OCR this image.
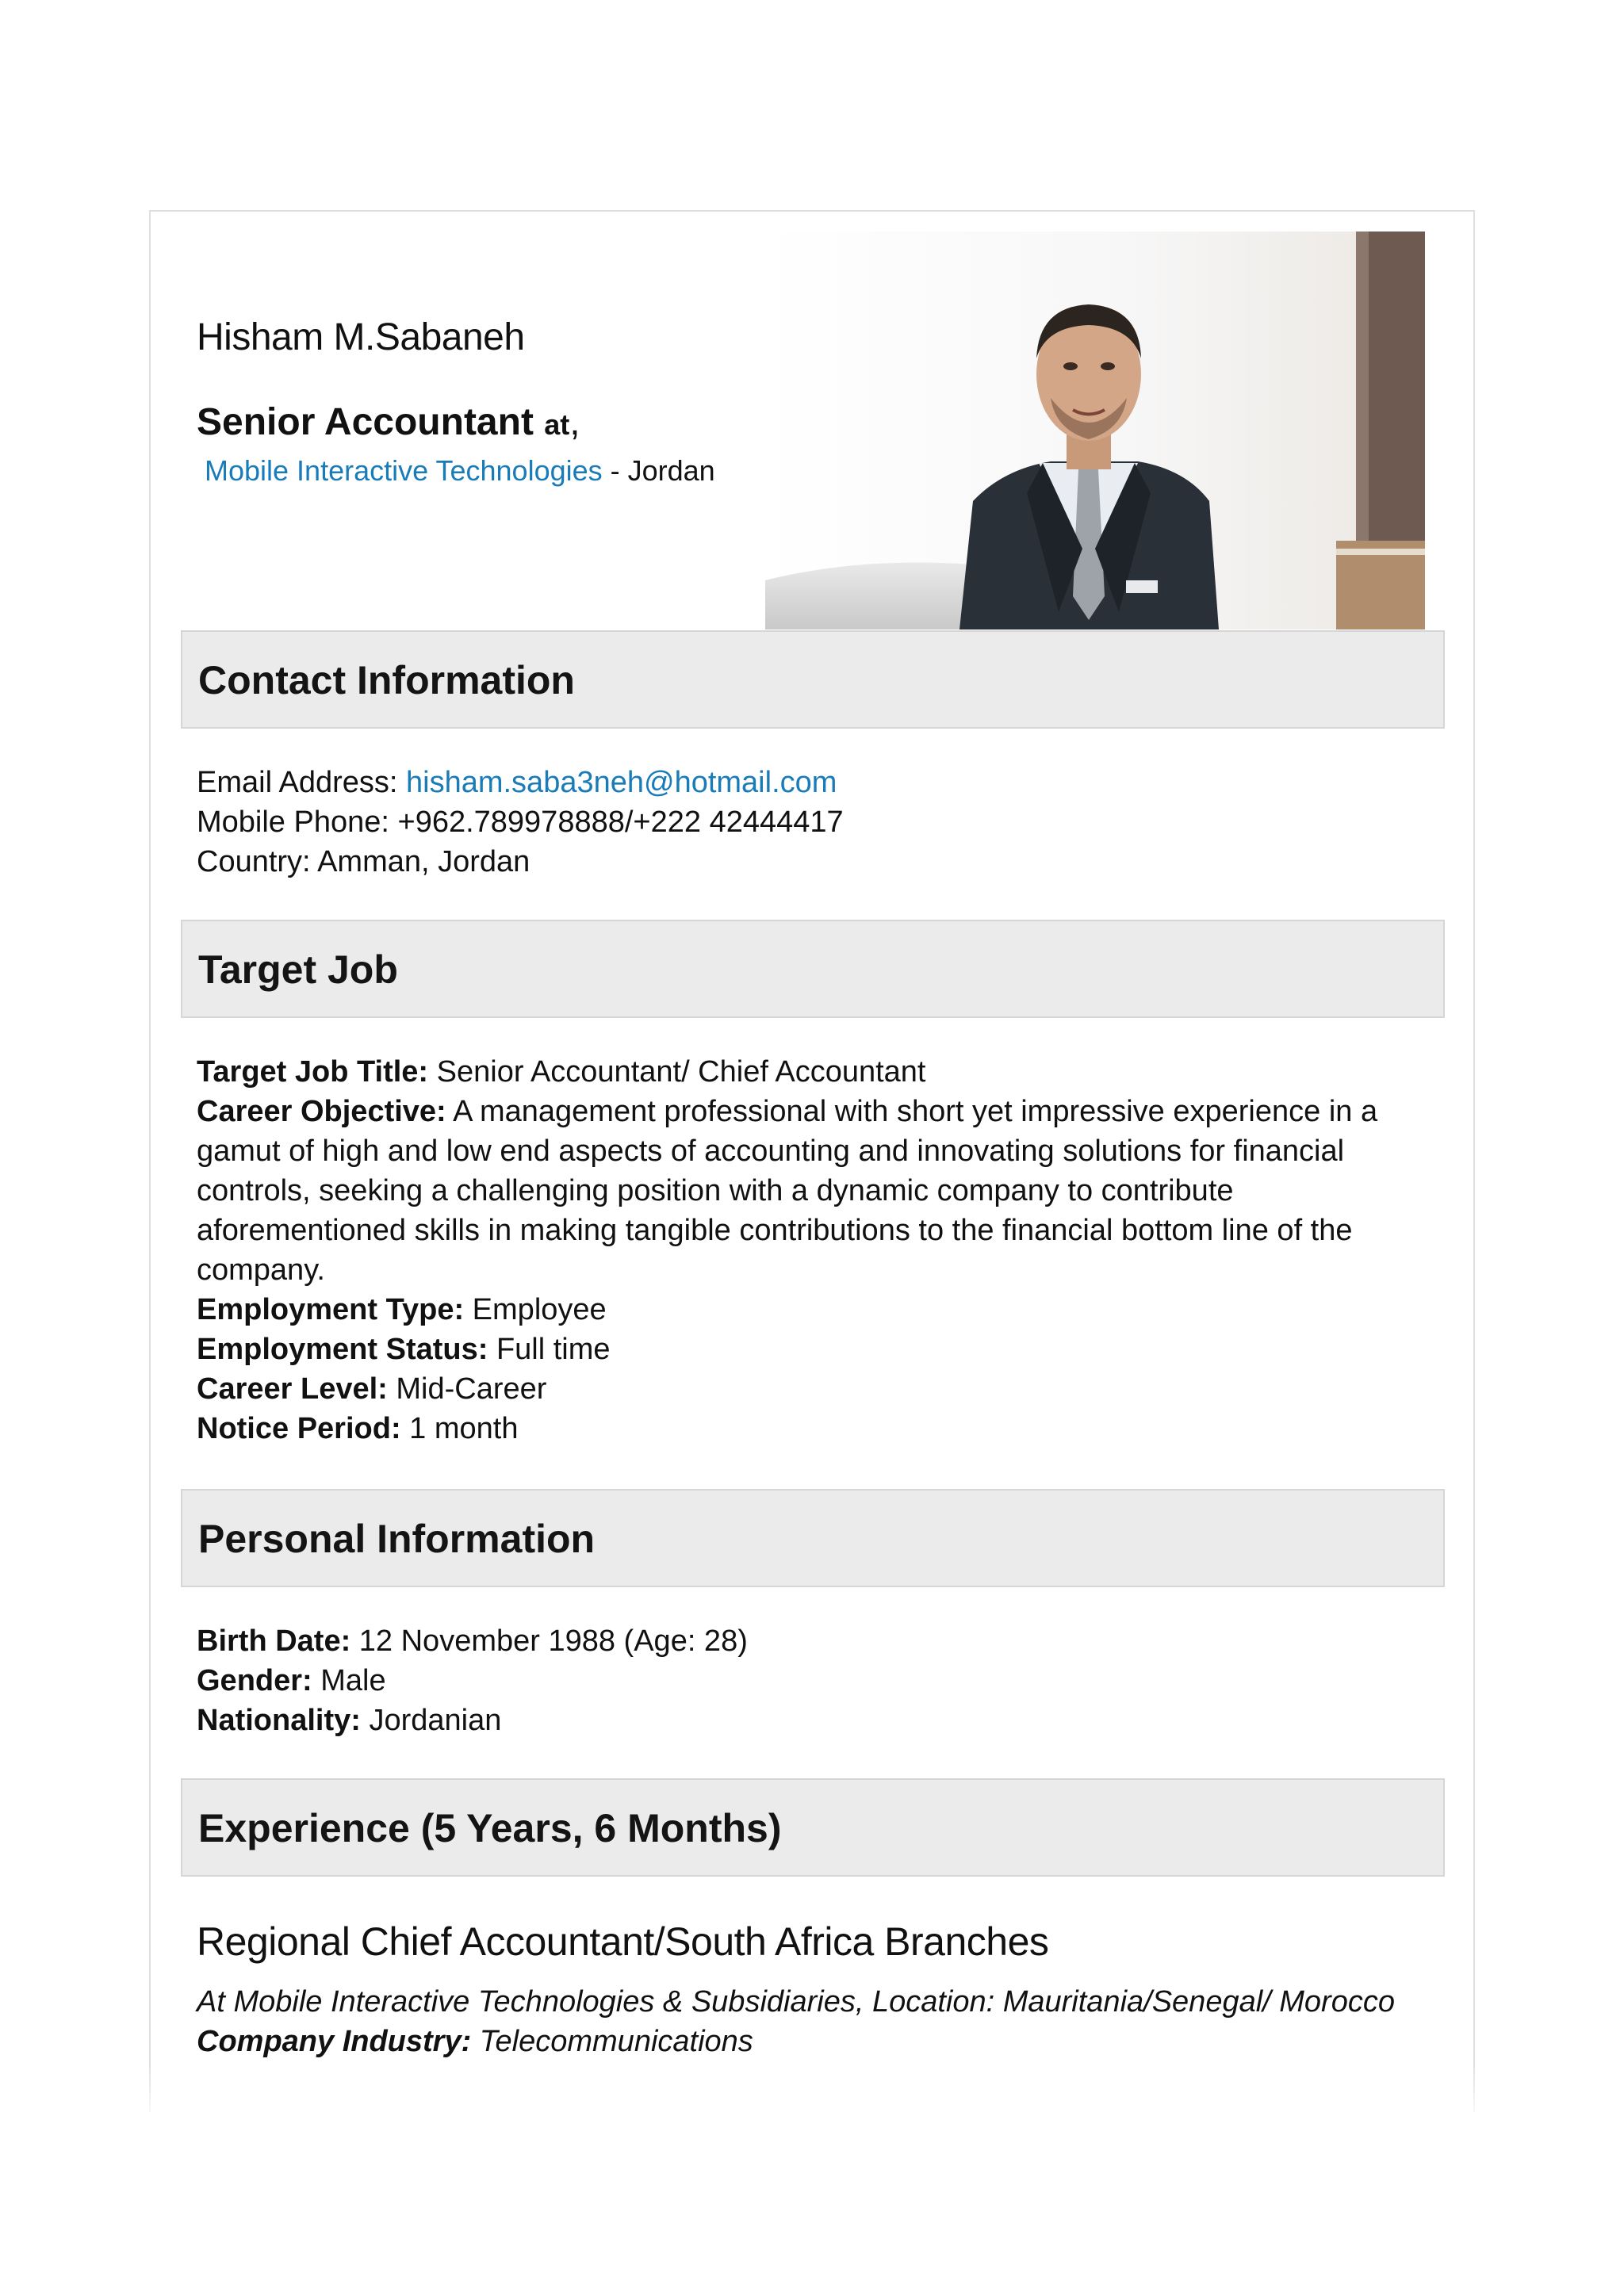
Hisham M.Sabaneh
Senior Accountant at,
Mobile Interactive Technologies - Jordan
Contact Information
Email Address: hisham.saba3neh@hotmail.com
Mobile Phone: +962.789978888/+222 42444417
Country: Amman, Jordan
Target Job
Target Job Title: Senior Accountant/ Chief Accountant
Career Objective: A management professional with short yet impressive experience in a gamut of high and low end aspects of accounting and innovating solutions for financial controls, seeking a challenging position with a dynamic company to contribute aforementioned skills in making tangible contributions to the financial bottom line of the company.
Employment Type: Employee
Employment Status: Full time
Career Level: Mid-Career
Notice Period: 1 month
Personal Information
Birth Date: 12 November 1988 (Age: 28)
Gender: Male
Nationality: Jordanian
Experience (5 Years, 6 Months)
Regional Chief Accountant/South Africa Branches
At Mobile Interactive Technologies & Subsidiaries, Location: Mauritania/Senegal/ Morocco
Company Industry: Telecommunications
